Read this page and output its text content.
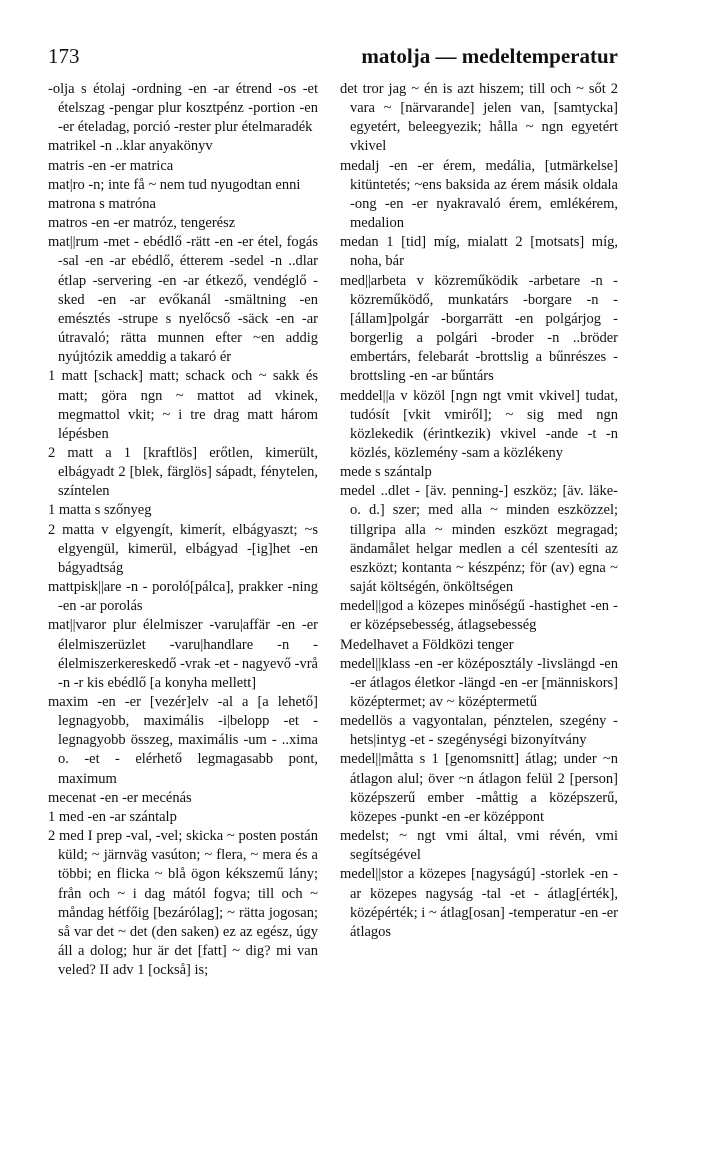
173	matolja — medeltemperatur

-olja s étolaj -ordning -en -ar étrend -os -et ételszag -pengar plur kosztpénz -portion -en -er ételadag, porció -rester plur ételmaradék

matrikel -n ..klar anyakönyv

matris -en -er matrica

mat|ro -n; inte få ~ nem tud nyugodtan enni

matrona s matróna

matros -en -er matróz, tengerész

mat||rum -met - ebédlő -rätt -en -er étel, fogás -sal -en -ar ebédlő, étterem -sedel -n ..dlar étlap -servering -en -ar étkező, vendéglő -sked -en -ar evőkanál -smältning -en emésztés -strupe s nyelőcső -säck -en -ar útravaló; rätta munnen efter ~en addig nyújtózik ameddig a takaró ér

1 matt [schack] matt; schack och ~ sakk és matt; göra ngn ~ mattot ad vkinek, megmattol vkit; ~ i tre drag matt három lépésben

2 matt a 1 [kraftlös] erőtlen, kimerült, elbágyadt 2 [blek, färglös] sápadt, fénytelen, színtelen

1 matta s szőnyeg

2 matta v elgyengít, kimerít, elbágyaszt; ~s elgyengül, kimerül, elbágyad -[ig]het -en bágyadtság

mattpisk||are -n - poroló[pálca], prakker -ning -en -ar porolás

mat||varor plur élelmiszer -varu|affär -en -er élelmiszerüzlet -varu|handlare -n - élelmiszerkereskedő -vrak -et - nagyevő -vrå -n -r kis ebédlő [a konyha mellett]

maxim -en -er [vezér]elv -al a [a lehető] legnagyobb, maximális -i|belopp -et - legnagyobb összeg, maximális -um - ..xima o. -et - elérhető legmagasabb pont, maximum

mecenat -en -er mecénás

1 med -en -ar szántalp

2 med I prep -val, -vel; skicka ~ posten postán küld; ~ järnväg vasúton; ~ flera, ~ mera és a többi; en flicka ~ blå ögon kékszemű lány; från och ~ i dag mától fogva; till och ~ måndag hétfőig [bezárólag]; ~ rätta jogosan; så var det ~ det (den saken) ez az egész, úgy áll a dolog; hur är det [fatt] ~ dig? mi van veled? II adv 1 [också] is;

det tror jag ~ én is azt hiszem; till och ~ sőt 2 vara ~ [närvarande] jelen van, [samtycka] egyetért, beleegyezik; hålla ~ ngn egyetért vkivel

medalj -en -er érem, medália, [utmärkelse] kitüntetés; ~ens baksida az érem másik oldala -ong -en -er nyakravaló érem, emlékérem, medalion

medan 1 [tid] míg, mialatt 2 [motsats] míg, noha, bár

med||arbeta v közreműködik -arbetare -n - közreműködő, munkatárs -borgare -n - [állam]polgár -borgarrätt -en polgárjog -borgerlig a polgári -broder -n ..bröder embertárs, felebarát -brottslig a bűnrészes -brottsling -en -ar bűntárs

meddel||a v közöl [ngn ngt vmit vkivel] tudat, tudósít [vkit vmiről]; ~ sig med ngn közlekedik (érintkezik) vkivel -ande -t -n közlés, közlemény -sam a közlékeny

mede s szántalp

medel ..dlet - [äv. penning-] eszköz; [äv. läke- o. d.] szer; med alla ~ minden eszközzel; tillgripa alla ~ minden eszközt megragad; ändamålet helgar medlen a cél szentesíti az eszközt; kontanta ~ készpénz; för (av) egna ~ saját költségén, önköltségen

medel||god a közepes minőségű -hastighet -en -er középsebesség, átlagsebesség

Medelhavet a Földközi tenger

medel||klass -en -er középosztály -livslängd -en -er átlagos életkor -längd -en -er [människors] középtermet; av ~ középtermetű

medellös a vagyontalan, pénztelen, szegény -hets|intyg -et - szegénységi bizonyítvány

medel||måtta s 1 [genomsnitt] átlag; under ~n átlagon alul; över ~n átlagon felül 2 [person] középszerű ember -måttig a középszerű, közepes -punkt -en -er középpont

medelst; ~ ngt vmi által, vmi révén, vmi segítségével

medel||stor a közepes [nagyságú] -storlek -en -ar közepes nagyság -tal -et - átlag[érték], középérték; i ~ átlag[osan] -temperatur -en -er átlagos
